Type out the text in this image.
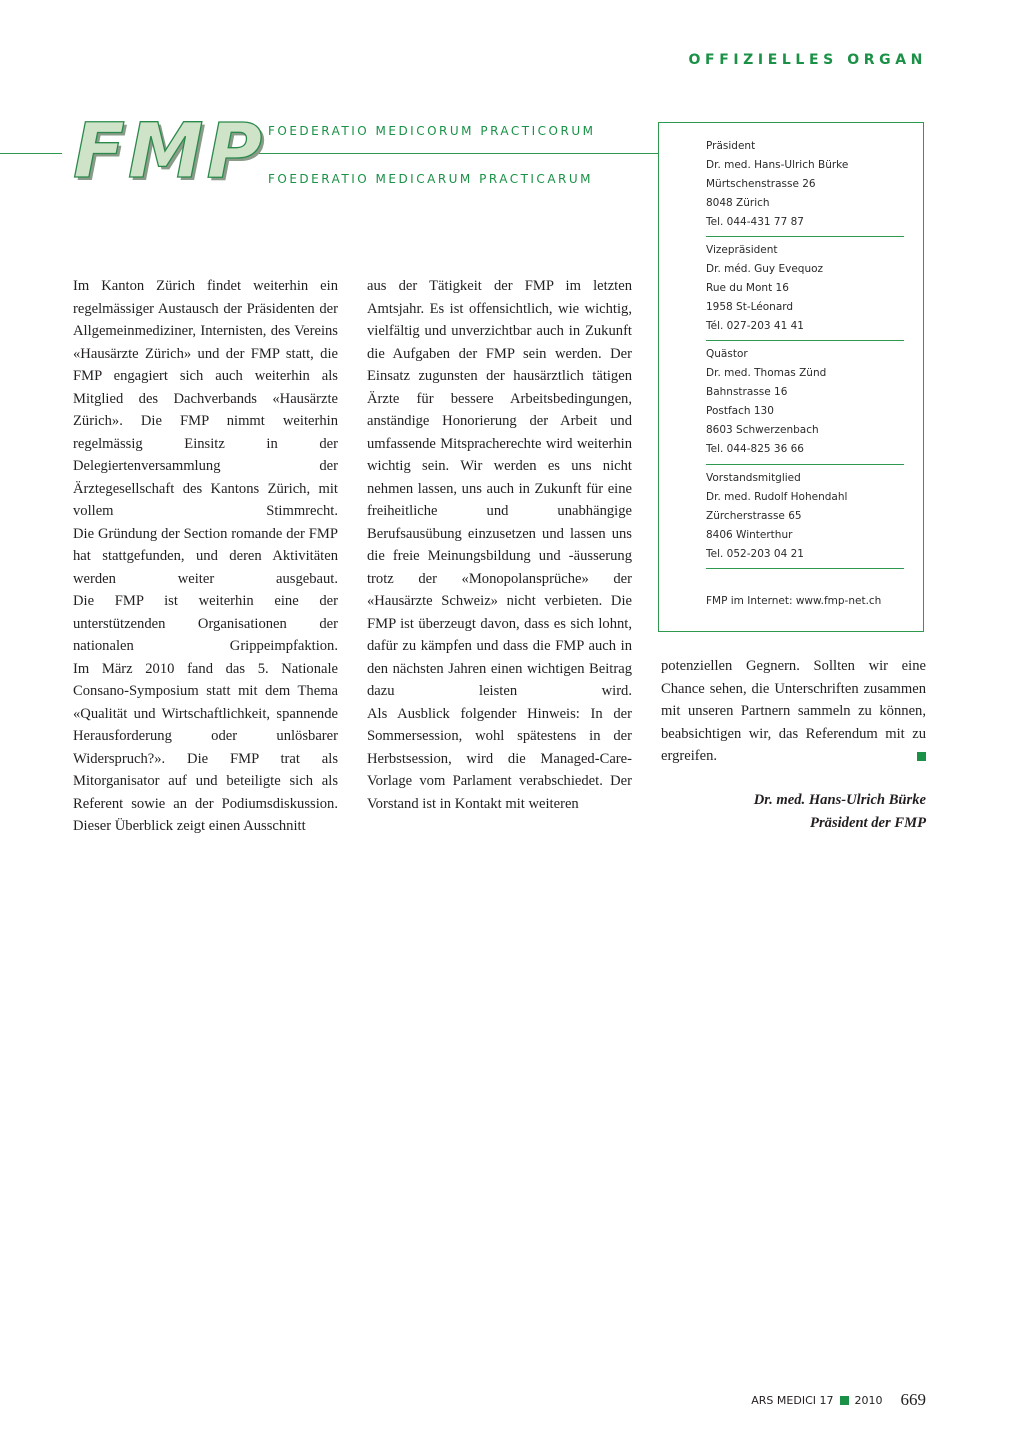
OFFIZIELLES ORGAN
FMP FOEDERATIO MEDICORUM PRACTICORUM
FOEDERATIO MEDICARUM PRACTICARUM
Präsident
Dr. med. Hans-Ulrich Bürke
Mürtschenstrasse 26
8048 Zürich
Tel. 044-431 77 87
Vizepräsident
Dr. méd. Guy Evequoz
Rue du Mont 16
1958 St-Léonard
Tél. 027-203 41 41
Quästor
Dr. med. Thomas Zünd
Bahnstrasse 16
Postfach 130
8603 Schwerzenbach
Tel. 044-825 36 66
Vorstandsmitglied
Dr. med. Rudolf Hohendahl
Zürcherstrasse 65
8406 Winterthur
Tel. 052-203 04 21
FMP im Internet: www.fmp-net.ch

Im Kanton Zürich findet weiterhin ein regelmässiger Austausch der Präsidenten der Allgemeinmediziner, Internisten, des Vereins «Hausärzte Zürich» und der FMP statt, die FMP engagiert sich auch weiterhin als Mitglied des Dachverbands «Hausärzte Zürich». Die FMP nimmt weiterhin regelmässig Einsitz in der Delegiertenversammlung der Ärztegesellschaft des Kantons Zürich, mit vollem Stimmrecht.

Die Gründung der Section romande der FMP hat stattgefunden, und deren Aktivitäten werden weiter ausgebaut.

Die FMP ist weiterhin eine der unterstützenden Organisationen der nationalen Grippeimpfaktion.

Im März 2010 fand das 5. Nationale Consano-Symposium statt mit dem Thema «Qualität und Wirtschaftlichkeit, spannende Herausforderung oder unlösbarer Widerspruch?». Die FMP trat als Mitorganisator auf und beteiligte sich als Referent sowie an der Podiumsdiskussion. Dieser Überblick zeigt einen Ausschnitt

aus der Tätigkeit der FMP im letzten Amtsjahr. Es ist offensichtlich, wie wichtig, vielfältig und unverzichtbar auch in Zukunft die Aufgaben der FMP sein werden. Der Einsatz zugunsten der hausärztlich tätigen Ärzte für bessere Arbeitsbedingungen, anständige Honorierung der Arbeit und umfassende Mitspracherechte wird weiterhin wichtig sein. Wir werden es uns nicht nehmen lassen, uns auch in Zukunft für eine freiheitliche und unabhängige Berufsausübung einzusetzen und lassen uns die freie Meinungsbildung und -äusserung trotz der «Monopolansprüche» der «Hausärzte Schweiz» nicht verbieten. Die FMP ist überzeugt davon, dass es sich lohnt, dafür zu kämpfen und dass die FMP auch in den nächsten Jahren einen wichtigen Beitrag dazu leisten wird.

Als Ausblick folgender Hinweis: In der Sommersession, wohl spätestens in der Herbstsession, wird die Managed-Care-Vorlage vom Parlament verabschiedet. Der Vorstand ist in Kontakt mit weiteren

potenziellen Gegnern. Sollten wir eine Chance sehen, die Unterschriften zusammen mit unseren Partnern sammeln zu können, beabsichtigen wir, das Referendum mit zu ergreifen.

Dr. med. Hans-Ulrich Bürke
Präsident der FMP
ARS MEDICI 17 2010 669
